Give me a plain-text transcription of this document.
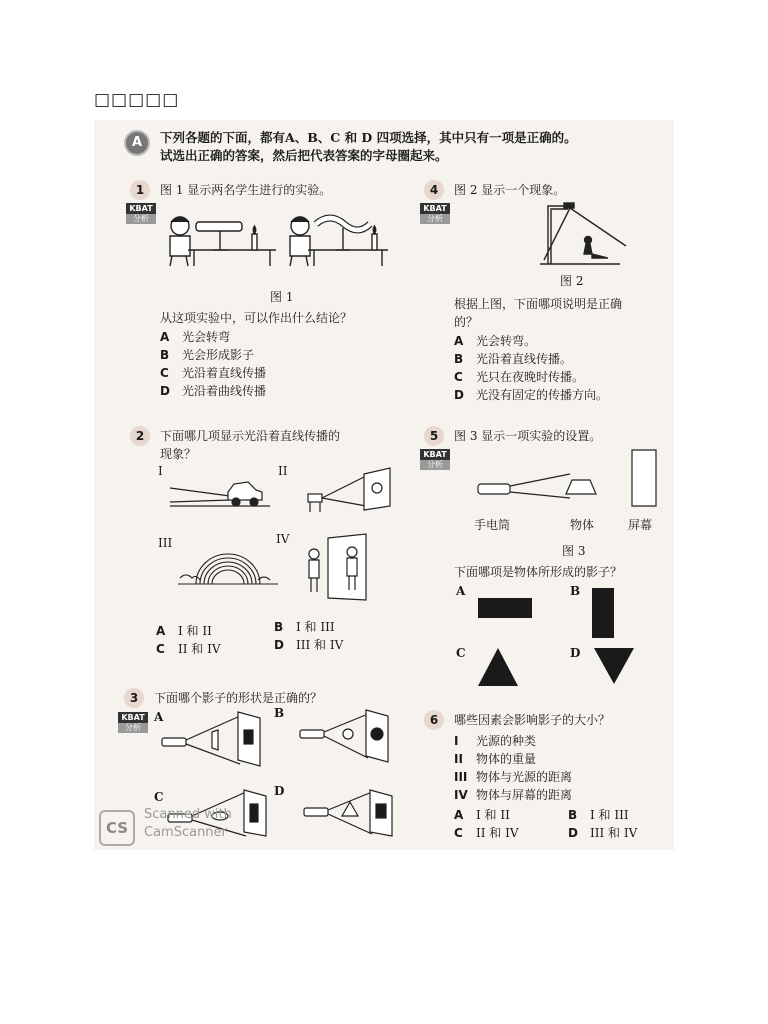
□□□□□
A	下列各题的下面，都有A、B、C 和 D 四项选择，其中只有一项是正确的。
试选出正确的答案，然后把代表答案的字母圈起来。
1	图 1 显示两名学生进行的实验。
KBAT
分析
图 1
从这项实验中，可以作出什么结论？
A 光会转弯
B 光会形成影子
C 光沿着直线传播
D 光沿着曲线传播
4	图 2 显示一个现象。
KBAT
分析
图 2
根据上图，下面哪项说明是正确
的？
A 光会转弯。
B 光沿着直线传播。
C 光只在夜晚时传播。
D 光没有固定的传播方向。
2	下面哪几项显示光沿着直线传播的
现象？
I	II
III	IV
A I 和 II	B I 和 III
C II 和 IV	D III 和 IV
5	图 3 显示一项实验的设置。
KBAT
分析
手电筒	物体	屏幕
图 3
下面哪项是物体所形成的影子？
A	B
C	D
3	下面哪个影子的形状是正确的？
KBAT
分析
A	B
C	D
6	哪些因素会影响影子的大小？
I 光源的种类
II 物体的重量
III 物体与光源的距离
IV 物体与屏幕的距离
A I 和 II	B I 和 III
C II 和 IV	D III 和 IV
CS
Scanned with
CamScanner
